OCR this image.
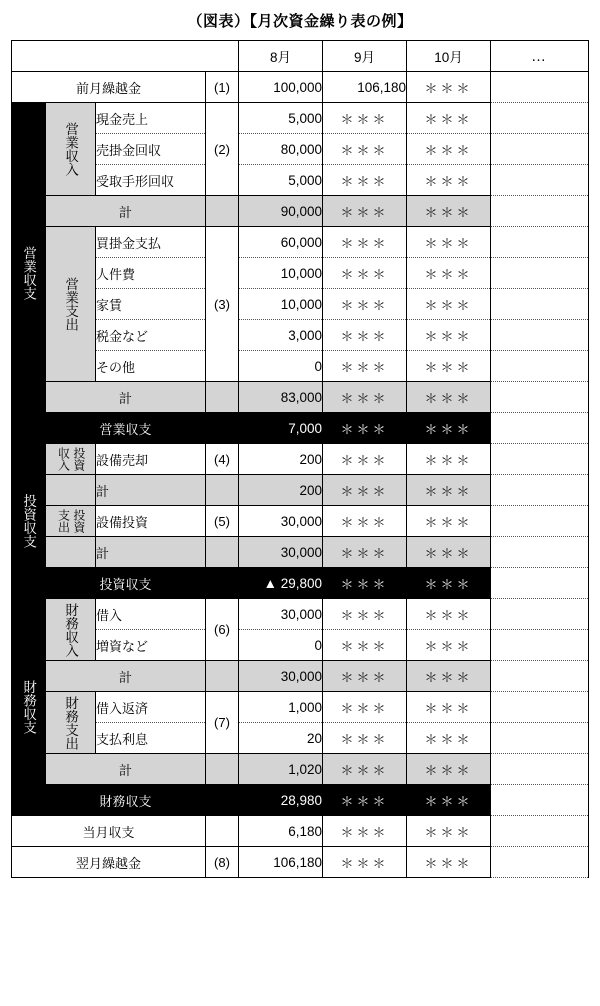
（図表）【月次資金繰り表の例】
				8月	9月	10月	…
前月繰越金			(1)	100,000	106,180	＊＊＊	

営業収支	営業収入	現金売上	(2)	5,000	＊＊＊	＊＊＊	
		売掛金回収		80,000	＊＊＊	＊＊＊	
		受取手形回収		5,000	＊＊＊	＊＊＊	
	計			90,000	＊＊＊	＊＊＊	

	営業支出	買掛金支払	(3)	60,000	＊＊＊	＊＊＊	
		人件費		10,000	＊＊＊	＊＊＊	
		家賃		10,000	＊＊＊	＊＊＊	
		税金など		3,000	＊＊＊	＊＊＊	
		その他		0	＊＊＊	＊＊＊	
	計			83,000	＊＊＊	＊＊＊	
	営業収支			7,000	＊＊＊	＊＊＊	

投資収支	投資収入	設備売却	(4)	200	＊＊＊	＊＊＊	
		計		200	＊＊＊	＊＊＊	

	投資支出	設備投資	(5)	30,000	＊＊＊	＊＊＊	
		計		30,000	＊＊＊	＊＊＊	
	投資収支			▲ 29,800	＊＊＊	＊＊＊	

財務収支	財務収入	借入	(6)	30,000	＊＊＊	＊＊＊	
		増資など		0	＊＊＊	＊＊＊	
	計			30,000	＊＊＊	＊＊＊	

	財務支出	借入返済	(7)	1,000	＊＊＊	＊＊＊	
		支払利息		20	＊＊＊	＊＊＊	
	計			1,020	＊＊＊	＊＊＊	
	財務収支			28,980	＊＊＊	＊＊＊	
当月収支				6,180	＊＊＊	＊＊＊	
翌月繰越金			(8)	106,180	＊＊＊	＊＊＊	
